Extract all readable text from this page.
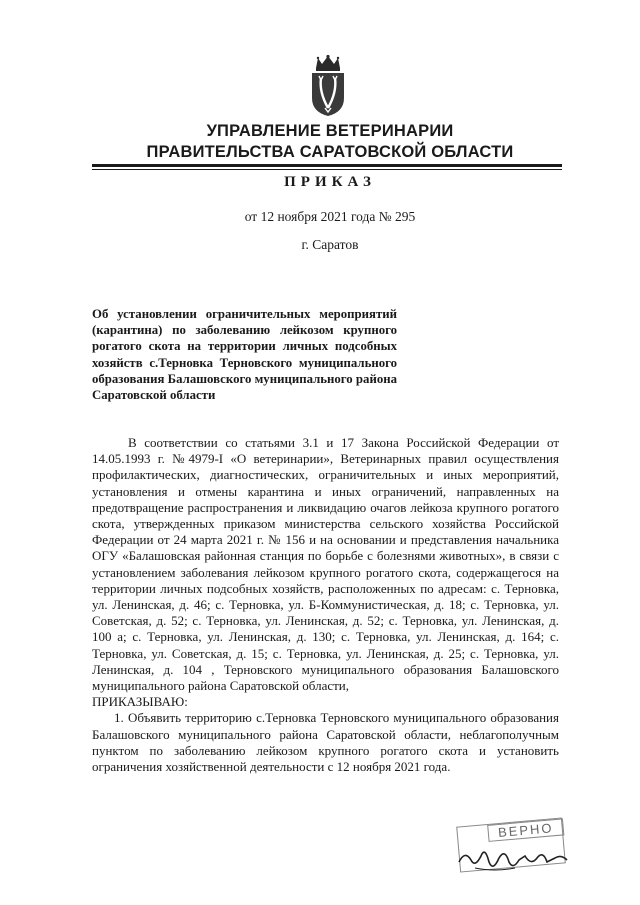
УПРАВЛЕНИЕ ВЕТЕРИНАРИИ
ПРАВИТЕЛЬСТВА САРАТОВСКОЙ ОБЛАСТИ
ПРИКАЗ
от 12 ноября 2021 года № 295
г. Саратов
Об установлении ограничительных мероприятий (карантина) по заболеванию лейкозом крупного рогатого скота на территории личных подсобных хозяйств с.Терновка Терновского муниципального образования Балашовского муниципального района Саратовской области

В соответствии со статьями 3.1 и 17 Закона Российской Федерации от 14.05.1993 г. №4979-I «О ветеринарии», Ветеринарных правил осуществления профилактических, диагностических, ограничительных и иных мероприятий, установления и отмены карантина и иных ограничений, направленных на предотвращение распространения и ликвидацию очагов лейкоза крупного рогатого скота, утвержденных приказом министерства сельского хозяйства Российской Федерации от 24 марта 2021 г. № 156 и на основании и представления начальника ОГУ «Балашовская районная станция по борьбе с болезнями животных», в связи с установлением заболевания лейкозом крупного рогатого скота, содержащегося на территории личных подсобных хозяйств, расположенных по адресам: с. Терновка, ул. Ленинская, д. 46; с. Терновка, ул. Б-Коммунистическая, д. 18; с. Терновка, ул. Советская, д. 52; с. Терновка, ул. Ленинская, д. 52; с. Терновка, ул. Ленинская, д. 100 а; с. Терновка, ул. Ленинская, д. 130; с. Терновка, ул. Ленинская, д. 164; с. Терновка, ул. Советская, д. 15; с. Терновка, ул. Ленинская, д. 25; с. Терновка, ул. Ленинская, д. 104 , Терновского муниципального образования Балашовского муниципального района Саратовской области,

ПРИКАЗЫВАЮ:

1. Объявить территорию с.Терновка Терновского муниципального образования Балашовского муниципального района Саратовской области, неблагополучным пунктом по заболеванию лейкозом крупного рогатого скота и установить ограничения хозяйственной деятельности с 12 ноября 2021 года.

ВЕРНО
